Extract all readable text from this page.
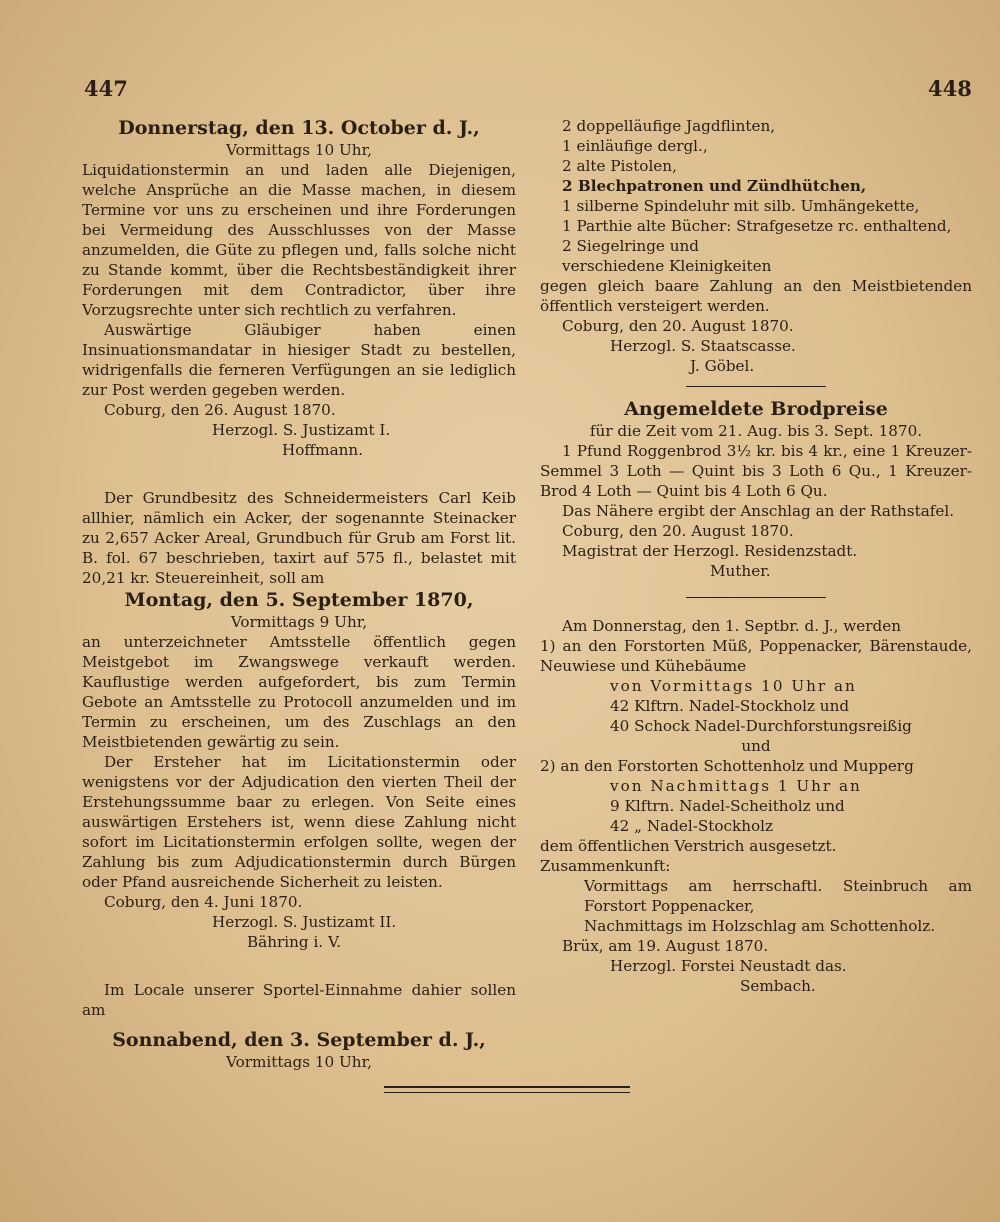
447	448

Donnerstag, den 13. October d. J.,

Vormittags 10 Uhr,

Liquidationstermin an und laden alle Diejenigen, welche Ansprüche an die Masse machen, in diesem Termine vor uns zu erscheinen und ihre Forderungen bei Vermeidung des Ausschlusses von der Masse anzumelden, die Güte zu pflegen und, falls solche nicht zu Stande kommt, über die Rechtsbeständigkeit ihrer Forderungen mit dem Contradictor, über ihre Vorzugsrechte unter sich rechtlich zu verfahren.

Auswärtige Gläubiger haben einen Insinuationsmandatar in hiesiger Stadt zu bestellen, widrigenfalls die ferneren Verfügungen an sie lediglich zur Post werden gegeben werden.

Coburg, den 26. August 1870.

Herzogl. S. Justizamt I.

Hoffmann.

Der Grundbesitz des Schneidermeisters Carl Keib allhier, nämlich ein Acker, der sogenannte Steinacker zu 2,657 Acker Areal, Grundbuch für Grub am Forst lit. B. fol. 67 beschrieben, taxirt auf 575 fl., belastet mit 20,21 kr. Steuereinheit, soll am

Montag, den 5. September 1870,

Vormittags 9 Uhr,

an unterzeichneter Amtsstelle öffentlich gegen Meistgebot im Zwangswege verkauft werden. Kauflustige werden aufgefordert, bis zum Termin Gebote an Amtsstelle zu Protocoll anzumelden und im Termin zu erscheinen, um des Zuschlags an den Meistbietenden gewärtig zu sein.

Der Ersteher hat im Licitationstermin oder wenigstens vor der Adjudication den vierten Theil der Erstehungssumme baar zu erlegen. Von Seite eines auswärtigen Erstehers ist, wenn diese Zahlung nicht sofort im Licitationstermin erfolgen sollte, wegen der Zahlung bis zum Adjudicationstermin durch Bürgen oder Pfand ausreichende Sicherheit zu leisten.

Coburg, den 4. Juni 1870.

Herzogl. S. Justizamt II.

Bähring i. V.

Im Locale unserer Sportel-Einnahme dahier sollen am

Sonnabend, den 3. September d. J.,

Vormittags 10 Uhr,

2 doppelläufige Jagdflinten,

1 einläufige dergl.,

2 alte Pistolen,

2 Blechpatronen und Zündhütchen,

1 silberne Spindeluhr mit silb. Umhängekette,

1 Parthie alte Bücher: Strafgesetze rc. enthaltend,

2 Siegelringe und

verschiedene Kleinigkeiten

gegen gleich baare Zahlung an den Meistbietenden öffentlich versteigert werden.

Coburg, den 20. August 1870.

Herzogl. S. Staatscasse.

J. Göbel.

Angemeldete Brodpreise

für die Zeit vom 21. Aug. bis 3. Sept. 1870.

1 Pfund Roggenbrod 3½ kr. bis 4 kr., eine 1 Kreuzer-Semmel 3 Loth — Quint bis 3 Loth 6 Qu., 1 Kreuzer-Brod 4 Loth — Quint bis 4 Loth 6 Qu.

Das Nähere ergibt der Anschlag an der Rathstafel.

Coburg, den 20. August 1870.

Magistrat der Herzogl. Residenzstadt.

Muther.

Am Donnerstag, den 1. Septbr. d. J., werden

1) an den Forstorten Müß, Poppenacker, Bärenstaude, Neuwiese und Kühebäume

von Vormittags 10 Uhr an

42 Klftrn. Nadel-Stockholz und

40 Schock Nadel-Durchforstungsreißig

und

2) an den Forstorten Schottenholz und Mupperg

von Nachmittags 1 Uhr an

9 Klftrn. Nadel-Scheitholz und

42 „ Nadel-Stockholz

dem öffentlichen Verstrich ausgesetzt.

Zusammenkunft:

Vormittags am herrschaftl. Steinbruch am Forstort Poppenacker,

Nachmittags im Holzschlag am Schottenholz.

Brüx, am 19. August 1870.

Herzogl. Forstei Neustadt das.

Sembach.
